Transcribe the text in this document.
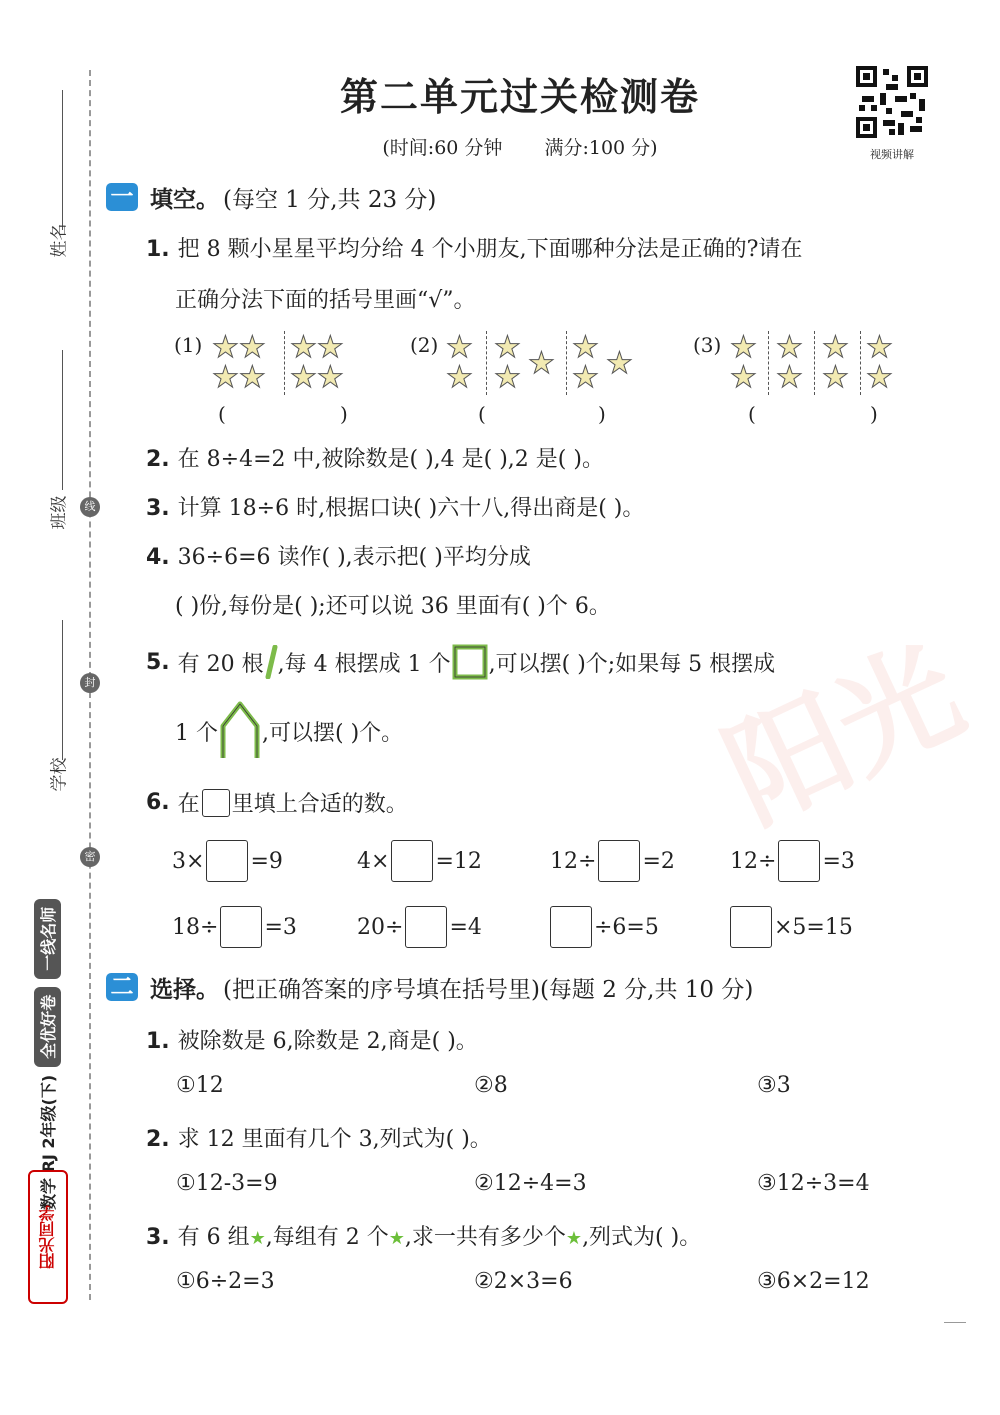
姓名
班级
学校
线
封
密
数学 RJ 2年级(下)
全优好卷
一线名师
阳光同学
阳光
第二单元过关检测卷
(时间:60 分钟 满分:100 分)	视频讲解
一 填空。 (每空 1 分,共 23 分)
1. 把 8 颗小星星平均分给 4 个小朋友,下面哪种分法是正确的?请在
正确分法下面的括号里画“√”。
(1) ★★
★★
★★
★★
(	)
(2) ★
★
★
★ ★ ★
★ ★
(	)
(3) ★
★
★
★
★
★
★
★
(	)
2. 在 8÷4=2 中,被除数是( ),4 是( ),2 是( )。
3. 计算 18÷6 时,根据口诀( )六十八,得出商是( )。
4. 36÷6=6 读作( ),表示把( )平均分成
( )份,每份是( );还可以说 36 里面有( )个 6。
5. 有 20 根 ,每 4 根摆成 1 个 ,可以摆( )个;如果每 5 根摆成
1 个 ,可以摆( )个。
6. 在 里填上合适的数。
3× =9	4× =12	12÷ =2	12÷ =3
18÷ =3	20÷ =4	÷6=5	×5=15
二 选择。 (把正确答案的序号填在括号里)(每题 2 分,共 10 分)
1. 被除数是 6,除数是 2,商是( )。
①12	②8	③3
2. 求 12 里面有几个 3,列式为( )。
①12-3=9	②12÷4=3	③12÷3=4
3. 有 6 组★,每组有 2 个★,求一共有多少个★,列式为( )。
①6÷2=3	②2×3=6	③6×2=12
